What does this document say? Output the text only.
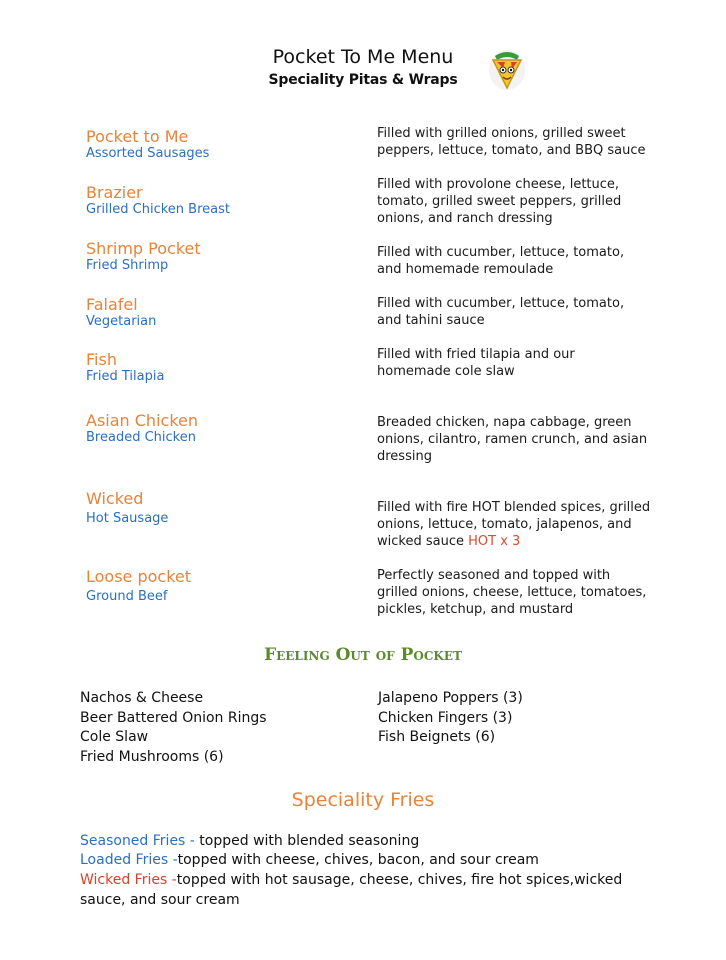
Pocket To Me Menu
Speciality Pitas & Wraps
Pocket to Me
Assorted Sausages
Filled with grilled onions, grilled sweet peppers, lettuce, tomato, and BBQ sauce
Brazier
Grilled Chicken Breast
Filled with provolone cheese, lettuce, tomato, grilled sweet peppers, grilled onions, and ranch dressing
Shrimp Pocket
Fried Shrimp
Filled with cucumber, lettuce, tomato, and homemade remoulade
Falafel
Vegetarian
Filled with cucumber, lettuce, tomato, and tahini sauce
Fish
Fried Tilapia
Filled with fried tilapia and our homemade cole slaw
Asian Chicken
Breaded Chicken
Breaded chicken, napa cabbage, green onions, cilantro, ramen crunch, and asian dressing
Wicked
Hot Sausage
Filled with fire HOT blended spices, grilled onions, lettuce, tomato, jalapenos, and wicked sauce HOT x 3
Loose pocket
Ground Beef
Perfectly seasoned and topped with grilled onions, cheese, lettuce, tomatoes, pickles, ketchup, and mustard
Feeling Out of Pocket
Nachos & Cheese
Beer Battered Onion Rings
Cole Slaw
Fried Mushrooms (6)
Jalapeno Poppers (3)
Chicken Fingers (3)
Fish Beignets (6)
Speciality Fries
Seasoned Fries - topped with blended seasoning
Loaded Fries -topped with cheese, chives, bacon, and sour cream
Wicked Fries -topped with hot sausage, cheese, chives, fire hot spices,wicked sauce, and sour cream
